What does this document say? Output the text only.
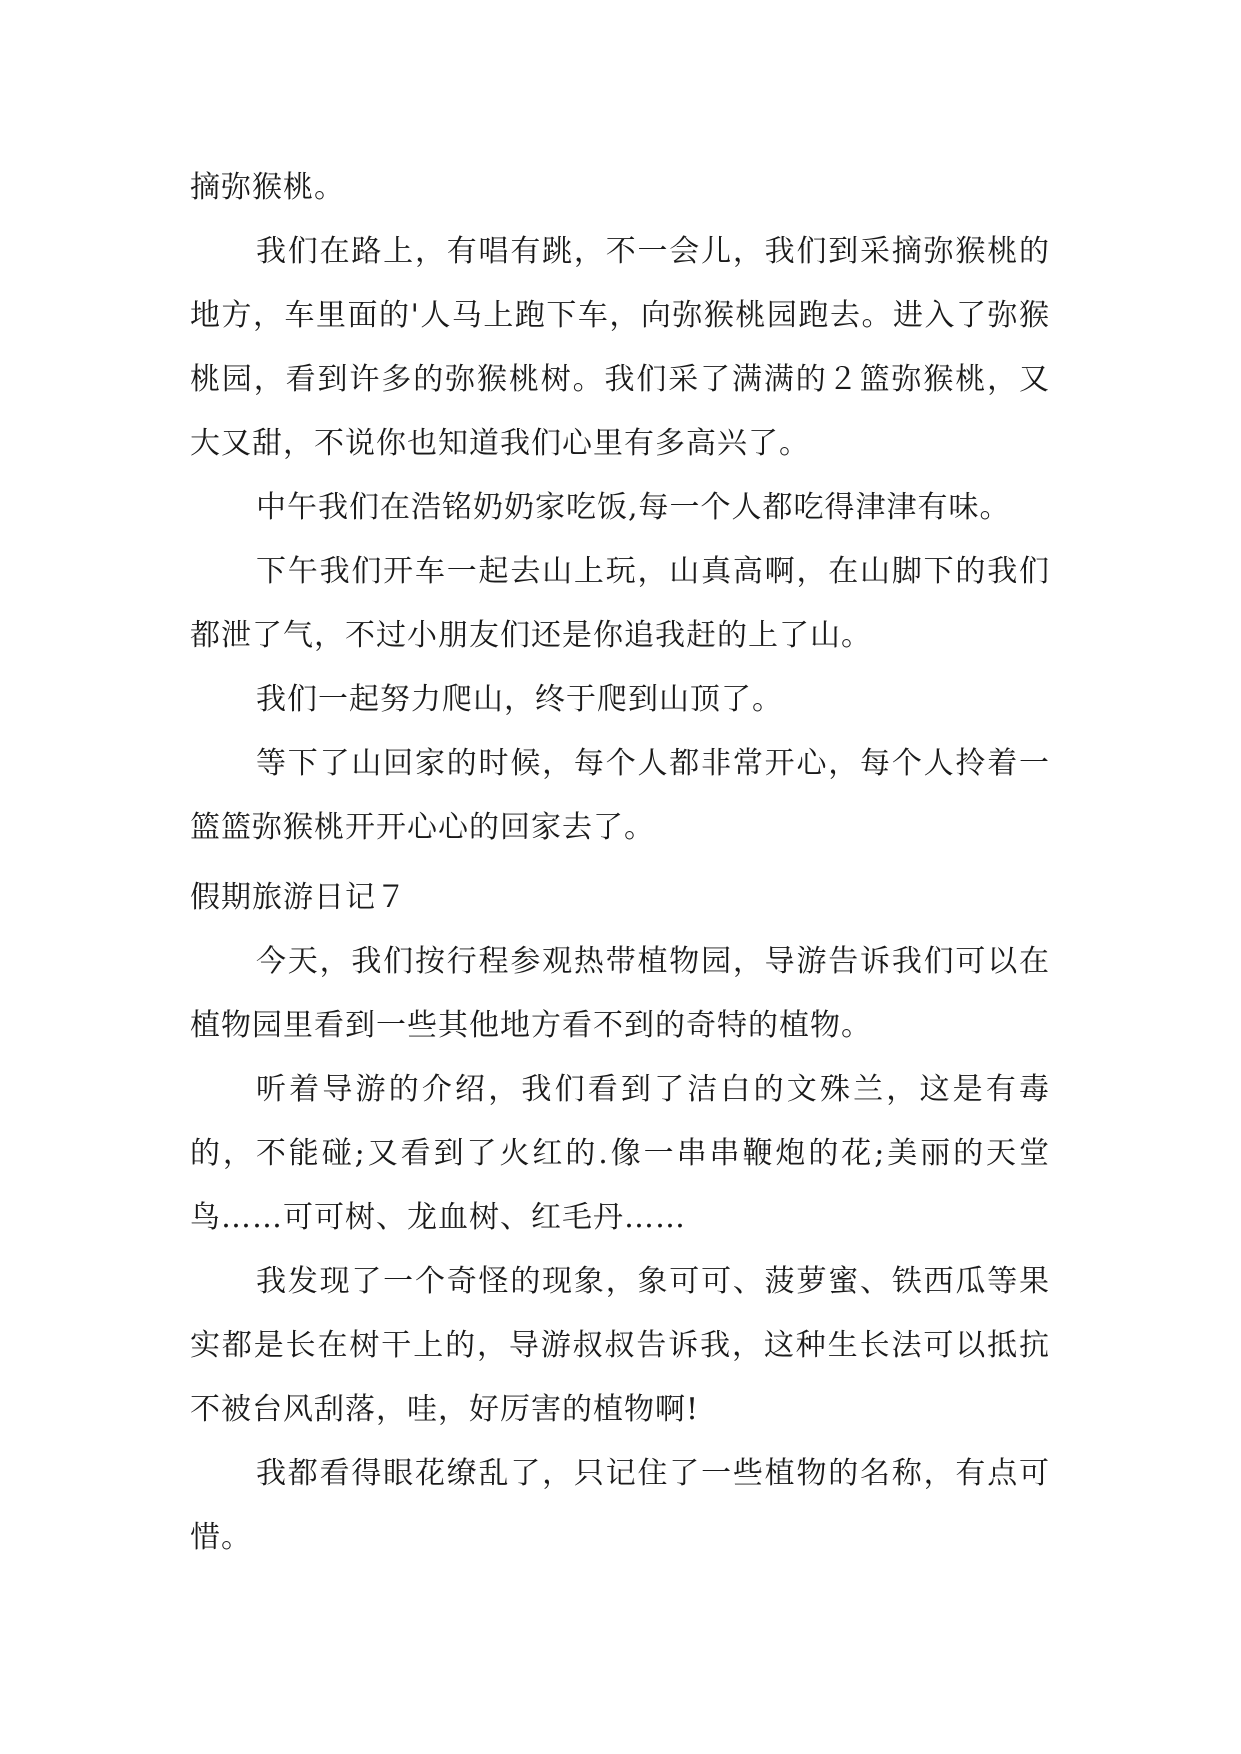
摘弥猴桃。

我们在路上，有唱有跳，不一会儿，我们到采摘弥猴桃的地方，车里面的'人马上跑下车，向弥猴桃园跑去。进入了弥猴桃园，看到许多的弥猴桃树。我们采了满满的２篮弥猴桃，又大又甜，不说你也知道我们心里有多高兴了。

中午我们在浩铭奶奶家吃饭,每一个人都吃得津津有味。

下午我们开车一起去山上玩，山真高啊，在山脚下的我们都泄了气，不过小朋友们还是你追我赶的上了山。

我们一起努力爬山，终于爬到山顶了。

等下了山回家的时候，每个人都非常开心，每个人拎着一篮篮弥猴桃开开心心的回家去了。

假期旅游日记７

今天，我们按行程参观热带植物园，导游告诉我们可以在植物园里看到一些其他地方看不到的奇特的植物。

听着导游的介绍，我们看到了洁白的文殊兰，这是有毒的，不能碰;又看到了火红的.像一串串鞭炮的花;美丽的天堂鸟……可可树、龙血树、红毛丹……

我发现了一个奇怪的现象，象可可、菠萝蜜、铁西瓜等果实都是长在树干上的，导游叔叔告诉我，这种生长法可以抵抗不被台风刮落，哇，好厉害的植物啊!

我都看得眼花缭乱了，只记住了一些植物的名称，有点可惜。
